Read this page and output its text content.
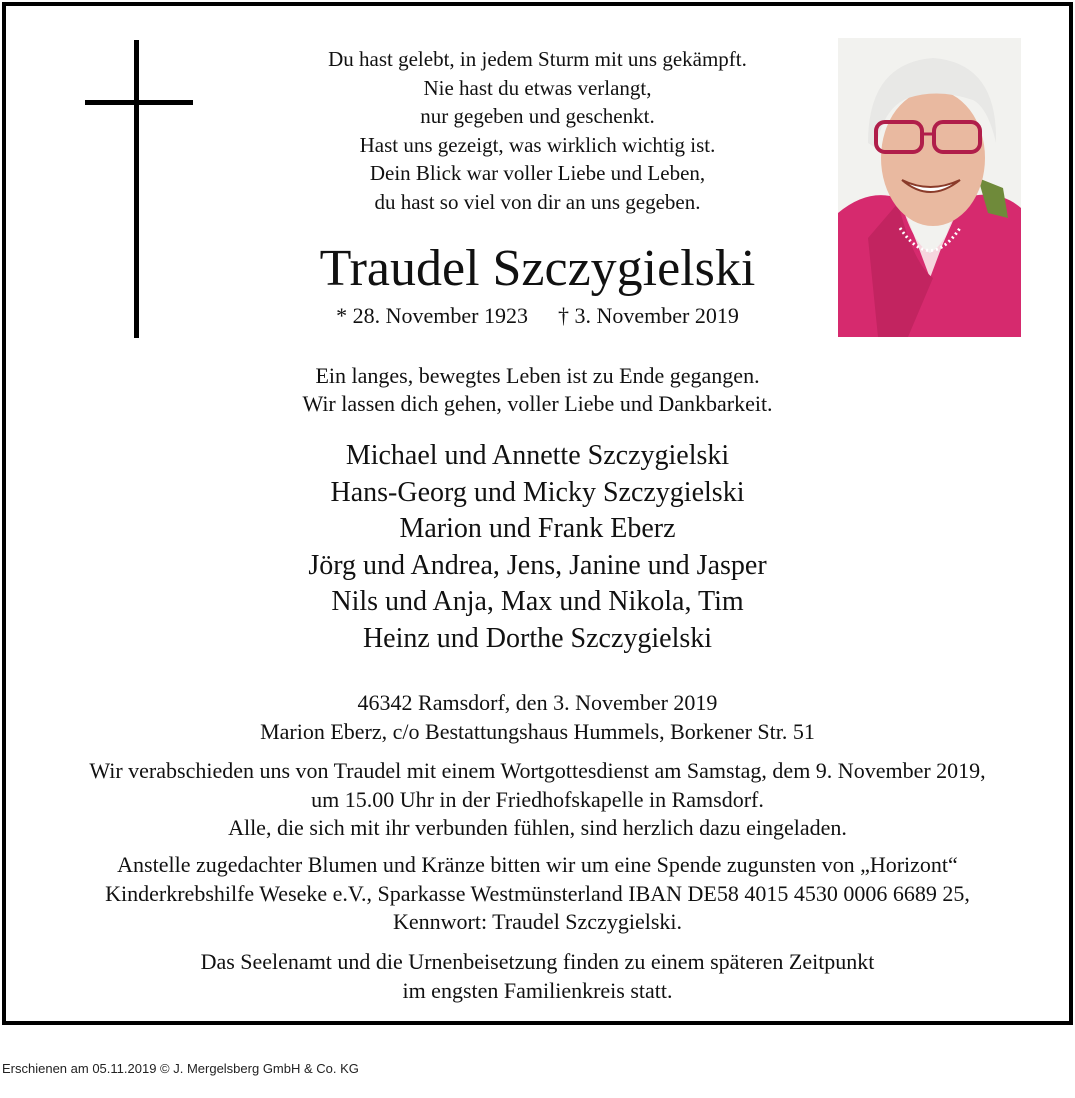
Du hast gelebt, in jedem Sturm mit uns gekämpft.
Nie hast du etwas verlangt,
nur gegeben und geschenkt.
Hast uns gezeigt, was wirklich wichtig ist.
Dein Blick war voller Liebe und Leben,
du hast so viel von dir an uns gegeben.
Traudel Szczygielski
* 28. November 1923 † 3. November 2019
Ein langes, bewegtes Leben ist zu Ende gegangen.
Wir lassen dich gehen, voller Liebe und Dankbarkeit.
Michael und Annette Szczygielski
Hans-Georg und Micky Szczygielski
Marion und Frank Eberz
Jörg und Andrea, Jens, Janine und Jasper
Nils und Anja, Max und Nikola, Tim
Heinz und Dorthe Szczygielski
46342 Ramsdorf, den 3. November 2019
Marion Eberz, c/o Bestattungshaus Hummels, Borkener Str. 51
Wir verabschieden uns von Traudel mit einem Wortgottesdienst am Samstag, dem 9. November 2019,
um 15.00 Uhr in der Friedhofskapelle in Ramsdorf.
Alle, die sich mit ihr verbunden fühlen, sind herzlich dazu eingeladen.
Anstelle zugedachter Blumen und Kränze bitten wir um eine Spende zugunsten von „Horizont“
Kinderkrebshilfe Weseke e.V., Sparkasse Westmünsterland IBAN DE58 4015 4530 0006 6689 25,
Kennwort: Traudel Szczygielski.
Das Seelenamt und die Urnenbeisetzung finden zu einem späteren Zeitpunkt
im engsten Familienkreis statt.
Erschienen am 05.11.2019 © J. Mergelsberg GmbH & Co. KG
